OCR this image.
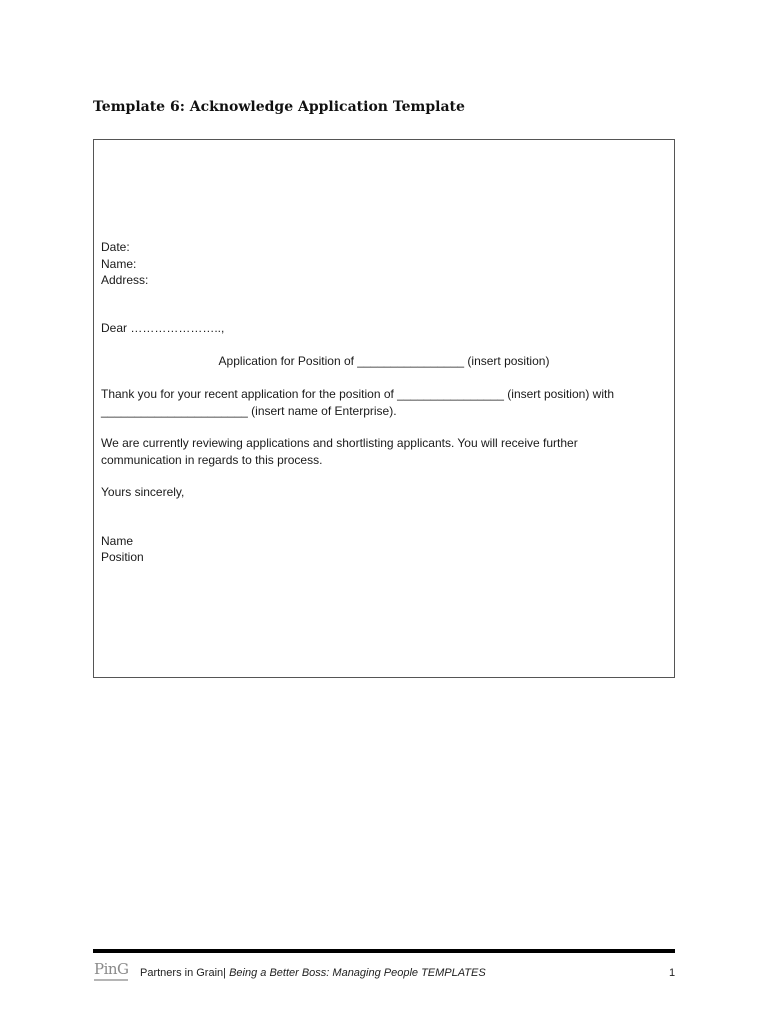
Template 6: Acknowledge Application Template
Date:
Name:
Address:
Dear …………………..,
Application for Position of ________________ (insert position)
Thank you for your recent application for the position of ________________ (insert position) with
______________________ (insert name of Enterprise).
We are currently reviewing applications and shortlisting applicants. You will receive further
communication in regards to this process.
Yours sincerely,
Name
Position
PinG Partners in Grain| Being a Better Boss: Managing People TEMPLATES	1
